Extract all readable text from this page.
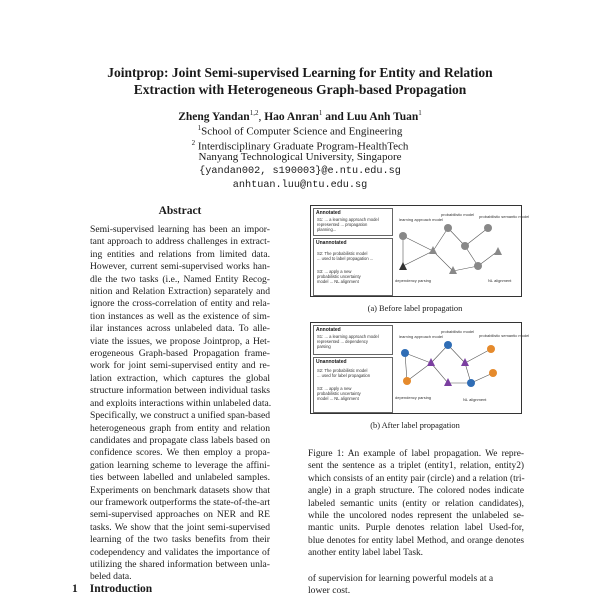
Jointprop: Joint Semi-supervised Learning for Entity and Relation
Extraction with Heterogeneous Graph-based Propagation
Zheng Yandan$^{1,2}$, Hao Anran$^1$ and Luu Anh Tuan$^1$
$^1$School of Computer Science and Engineering
$^2$ Interdisciplinary Graduate Program-HealthTech
Nanyang Technological University, Singapore
{yandan002, s190003}@e.ntu.edu.sg
anhtuan.luu@ntu.edu.sg
Abstract
Semi-supervised learning has been an impor-
tant approach to address challenges in extract-
ing entities and relations from limited data.
However, current semi-supervised works han-
dle the two tasks (i.e., Named Entity Recog-
nition and Relation Extraction) separately and
ignore the cross-correlation of entity and rela-
tion instances as well as the existence of sim-
ilar instances across unlabeled data. To alle-
viate the issues, we propose Jointprop, a Het-
erogeneous Graph-based Propagation frame-
work for joint semi-supervised entity and re-
lation extraction, which captures the global
structure information between individual tasks
and exploits interactions within unlabeled data.
Specifically, we construct a unified span-based
heterogeneous graph from entity and relation
candidates and propagate class labels based on
confidence scores. We then employ a propa-
gation learning scheme to leverage the affini-
ties between labelled and unlabeled samples.
Experiments on benchmark datasets show that
our framework outperforms the state-of-the-art
semi-supervised approaches on NER and RE
tasks. We show that the joint semi-supervised
learning of the two tasks benefits from their
codependency and validates the importance of
utilizing the shared information between unla-
beled data.
1 Introduction
Annotated
S1: ... a learning approach model
represented ... propagation
planning...
Unannotated
S2: The probabilistic model
... used to label propagation ...
S3: ... apply a new
probabilistic uncertainty
model ... NL alignment
learning approach model
probabilistic model probabilistic semantic model
dependency parsing	NL alignment
(a) Before label propagation
Annotated
S1: ... a learning approach model
represented ... dependency
parsing
Unannotated
S2: The probabilistic model
... used for label propagation
S3: ... apply a new
probabilistic uncertainty
model ... NL alignment
learning approach model
probabilistic model
probabilistic semantic model
dependency parsing	NL alignment
(b) After label propagation
Figure 1: An example of label propagation. We repre-
sent the sentence as a triplet (entity1, relation, entity2)
which consists of an entity pair (circle) and a relation (tri-
angle) in a graph structure. The colored nodes indicate
labeled semantic units (entity or relation candidates),
while the uncolored nodes represent the unlabeled se-
mantic units. Purple denotes relation label Used-for,
blue denotes for entity label Method, and orange denotes
another entity label label Task.
of supervision for learning powerful models at a
lower cost.
